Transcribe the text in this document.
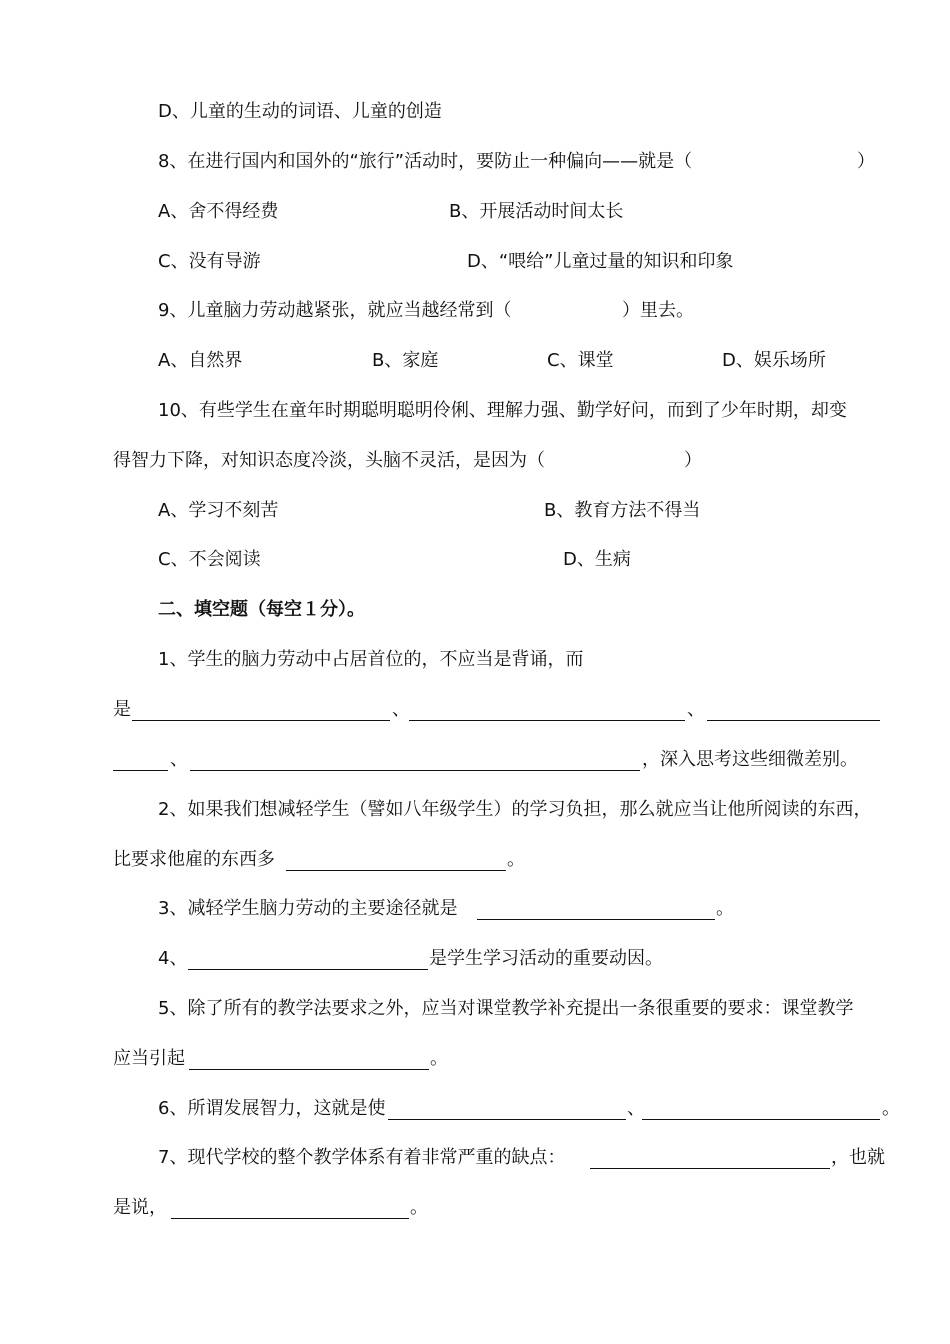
D、儿童的生动的词语、儿童的创造
8、在进行国内和国外的“旅行”活动时，要防止一种偏向——就是（	）
A、舍不得经费	B、开展活动时间太长
C、没有导游	D、“喂给”儿童过量的知识和印象
9、儿童脑力劳动越紧张，就应当越经常到（	）里去。
A、自然界	B、家庭	C、课堂	D、娱乐场所
10、有些学生在童年时期聪明聪明伶俐、理解力强、勤学好问，而到了少年时期，却变
得智力下降，对知识态度冷淡，头脑不灵活，是因为（	）
A、学习不刻苦	B、教育方法不得当
C、不会阅读	D、生病
二、填空题（每空１分）。
1、学生的脑力劳动中占居首位的，不应当是背诵，而
是	、	、
、	，深入思考这些细微差别。
2、如果我们想减轻学生（譬如八年级学生）的学习负担，那么就应当让他所阅读的东西，
比要求他雇的东西多	。
3、减轻学生脑力劳动的主要途径就是	。
4、	是学生学习活动的重要动因。
5、除了所有的教学法要求之外，应当对课堂教学补充提出一条很重要的要求：课堂教学
应当引起	。
6、所谓发展智力，这就是使	、	。
7、现代学校的整个教学体系有着非常严重的缺点：	，也就
是说，	。
